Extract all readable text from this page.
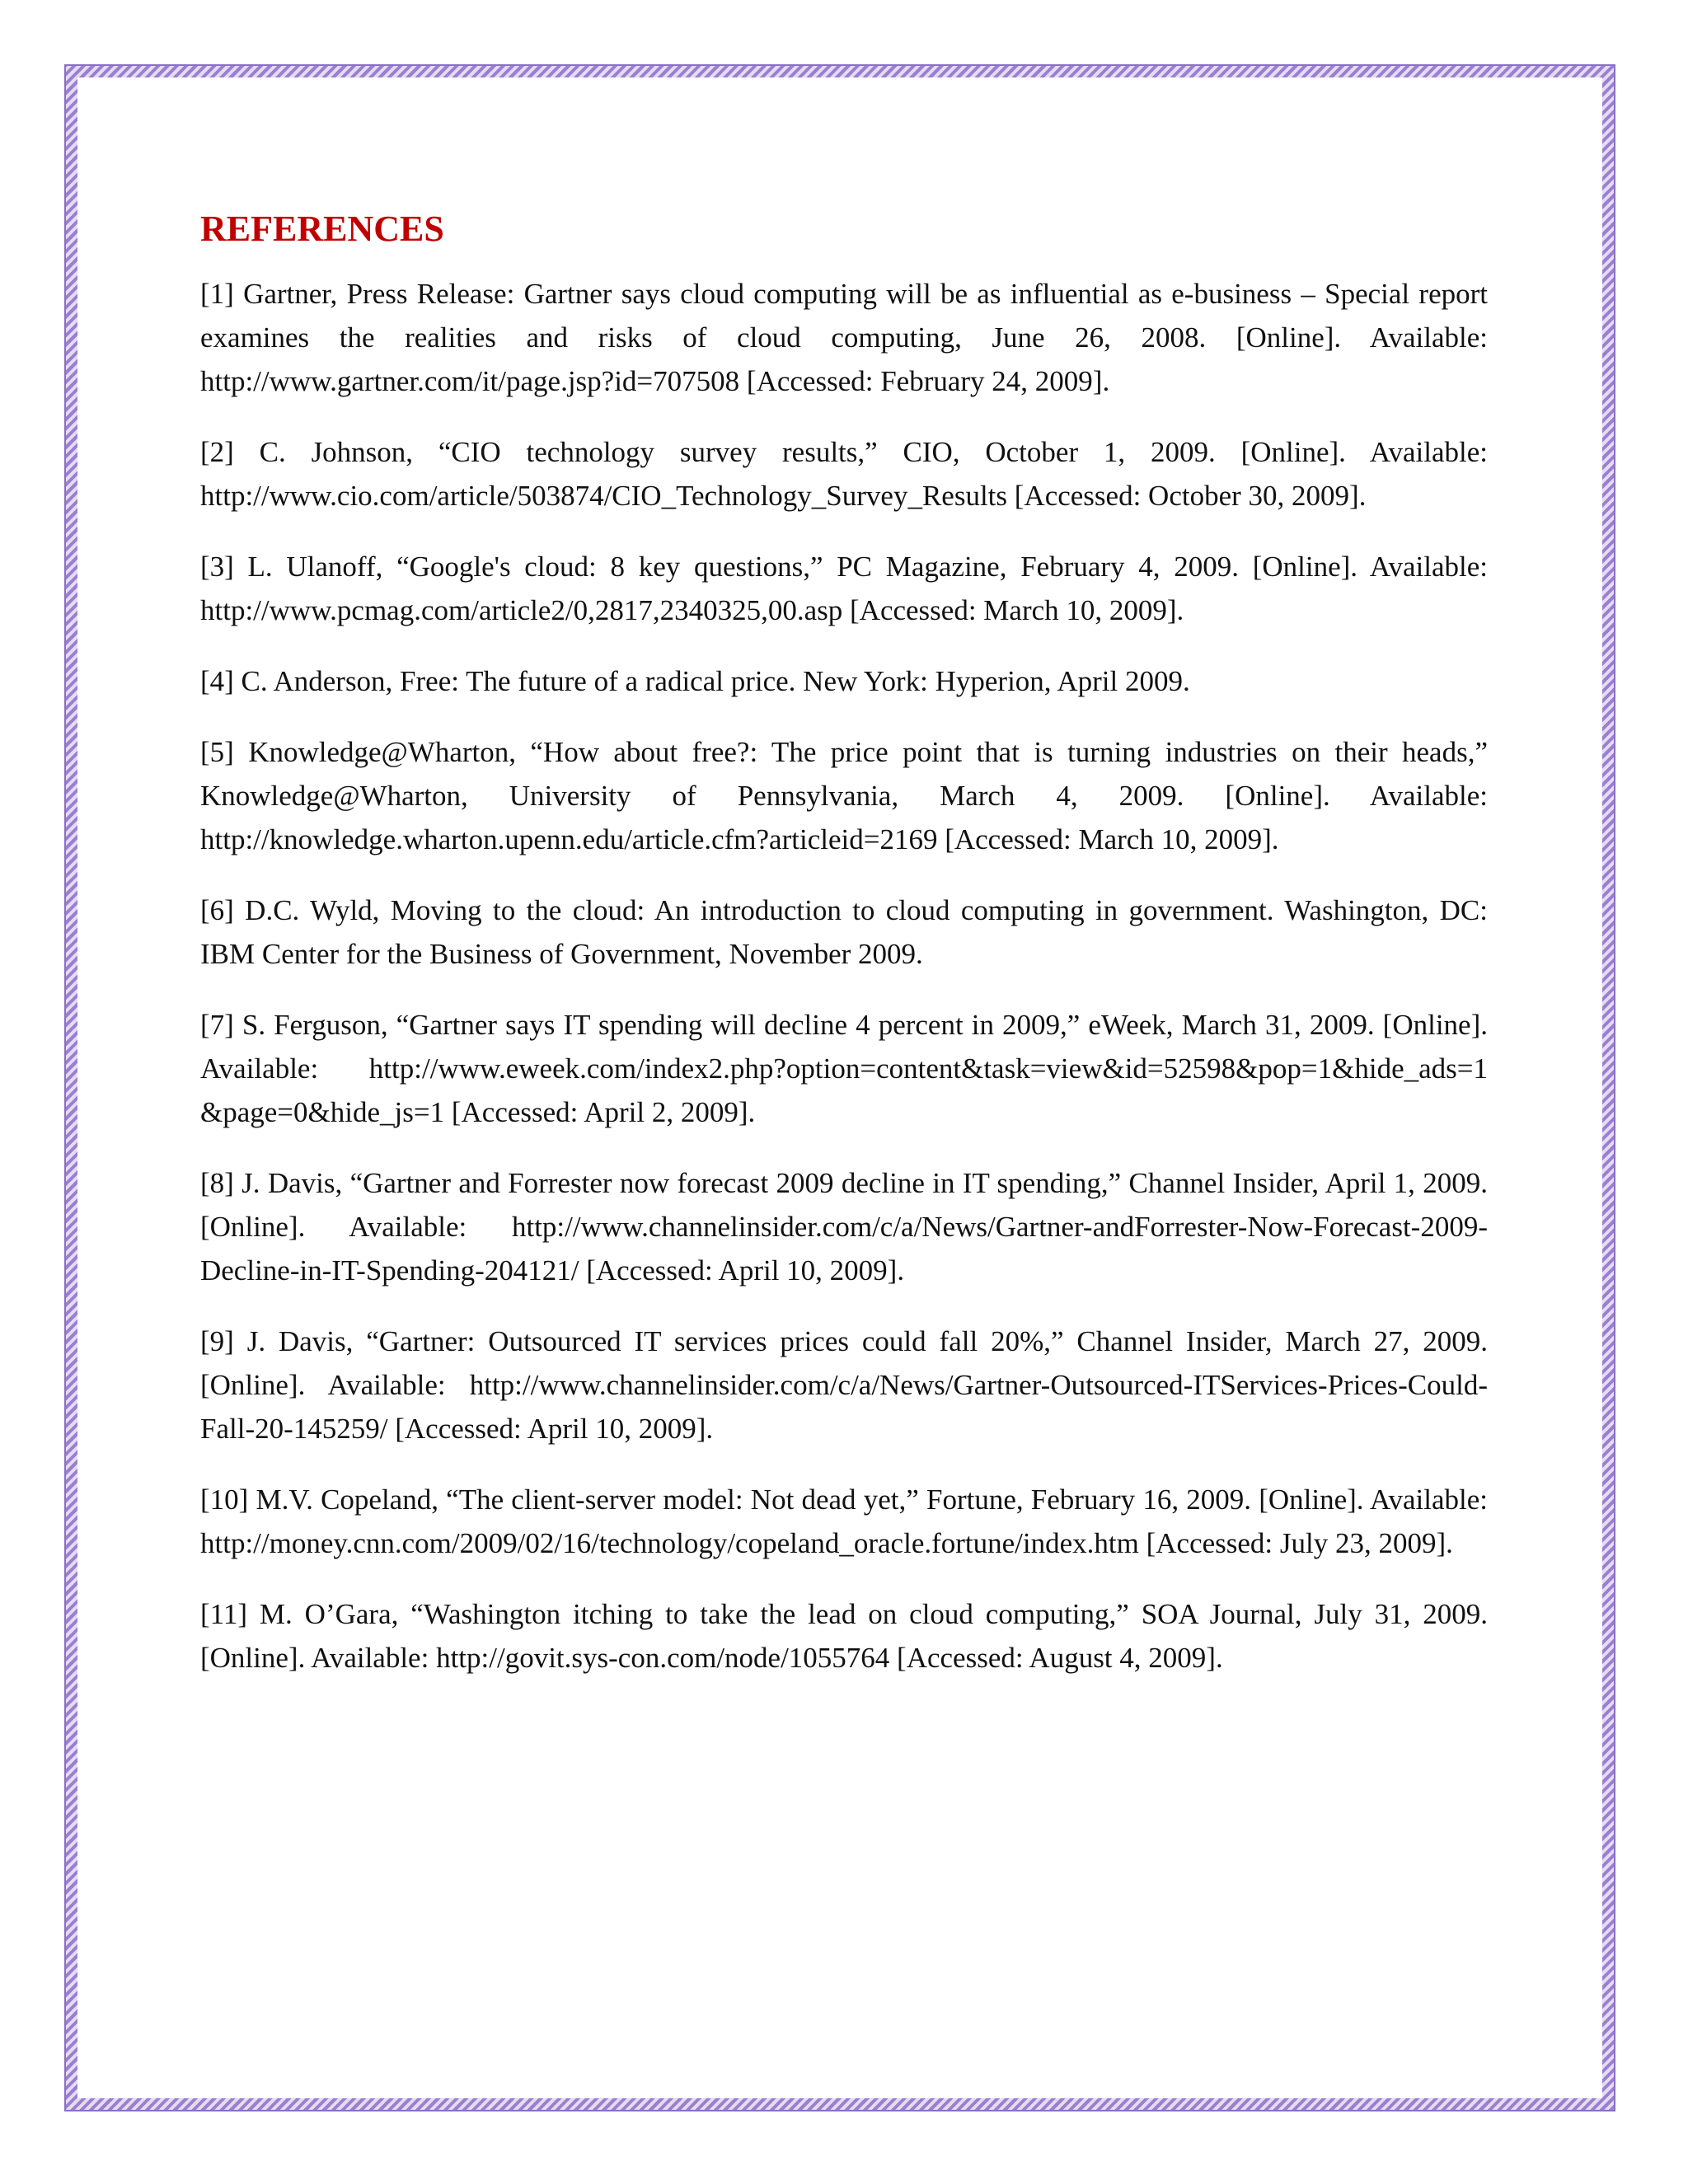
REFERENCES
[1] Gartner, Press Release: Gartner says cloud computing will be as influential as e-business – Special report examines the realities and risks of cloud computing, June 26, 2008. [Online]. Available: http://www.gartner.com/it/page.jsp?id=707508 [Accessed: February 24, 2009].
[2] C. Johnson, “CIO technology survey results,” CIO, October 1, 2009. [Online]. Available: http://www.cio.com/article/503874/CIO_Technology_Survey_Results [Accessed: October 30, 2009].
[3] L. Ulanoff, “Google's cloud: 8 key questions,” PC Magazine, February 4, 2009. [Online]. Available: http://www.pcmag.com/article2/0,2817,2340325,00.asp [Accessed: March 10, 2009].
[4] C. Anderson, Free: The future of a radical price. New York: Hyperion, April 2009.
[5] Knowledge@Wharton, “How about free?: The price point that is turning industries on their heads,” Knowledge@Wharton, University of Pennsylvania, March 4, 2009. [Online]. Available: http://knowledge.wharton.upenn.edu/article.cfm?articleid=2169 [Accessed: March 10, 2009].
[6] D.C. Wyld, Moving to the cloud: An introduction to cloud computing in government. Washington, DC: IBM Center for the Business of Government, November 2009.
[7] S. Ferguson, “Gartner says IT spending will decline 4 percent in 2009,” eWeek, March 31, 2009. [Online]. Available: http://www.eweek.com/index2.php?option=content&task=view&id=52598&pop=1&hide_ads=1 &page=0&hide_js=1 [Accessed: April 2, 2009].
[8] J. Davis, “Gartner and Forrester now forecast 2009 decline in IT spending,” Channel Insider, April 1, 2009. [Online]. Available: http://www.channelinsider.com/c/a/News/Gartner-andForrester-Now-Forecast-2009-Decline-in-IT-Spending-204121/ [Accessed: April 10, 2009].
[9] J. Davis, “Gartner: Outsourced IT services prices could fall 20%,” Channel Insider, March 27, 2009. [Online]. Available: http://www.channelinsider.com/c/a/News/Gartner-Outsourced-ITServices-Prices-Could-Fall-20-145259/ [Accessed: April 10, 2009].
[10] M.V. Copeland, “The client-server model: Not dead yet,” Fortune, February 16, 2009. [Online]. Available: http://money.cnn.com/2009/02/16/technology/copeland_oracle.fortune/index.htm [Accessed: July 23, 2009].
[11] M. O’Gara, “Washington itching to take the lead on cloud computing,” SOA Journal, July 31, 2009. [Online]. Available: http://govit.sys-con.com/node/1055764 [Accessed: August 4, 2009].
